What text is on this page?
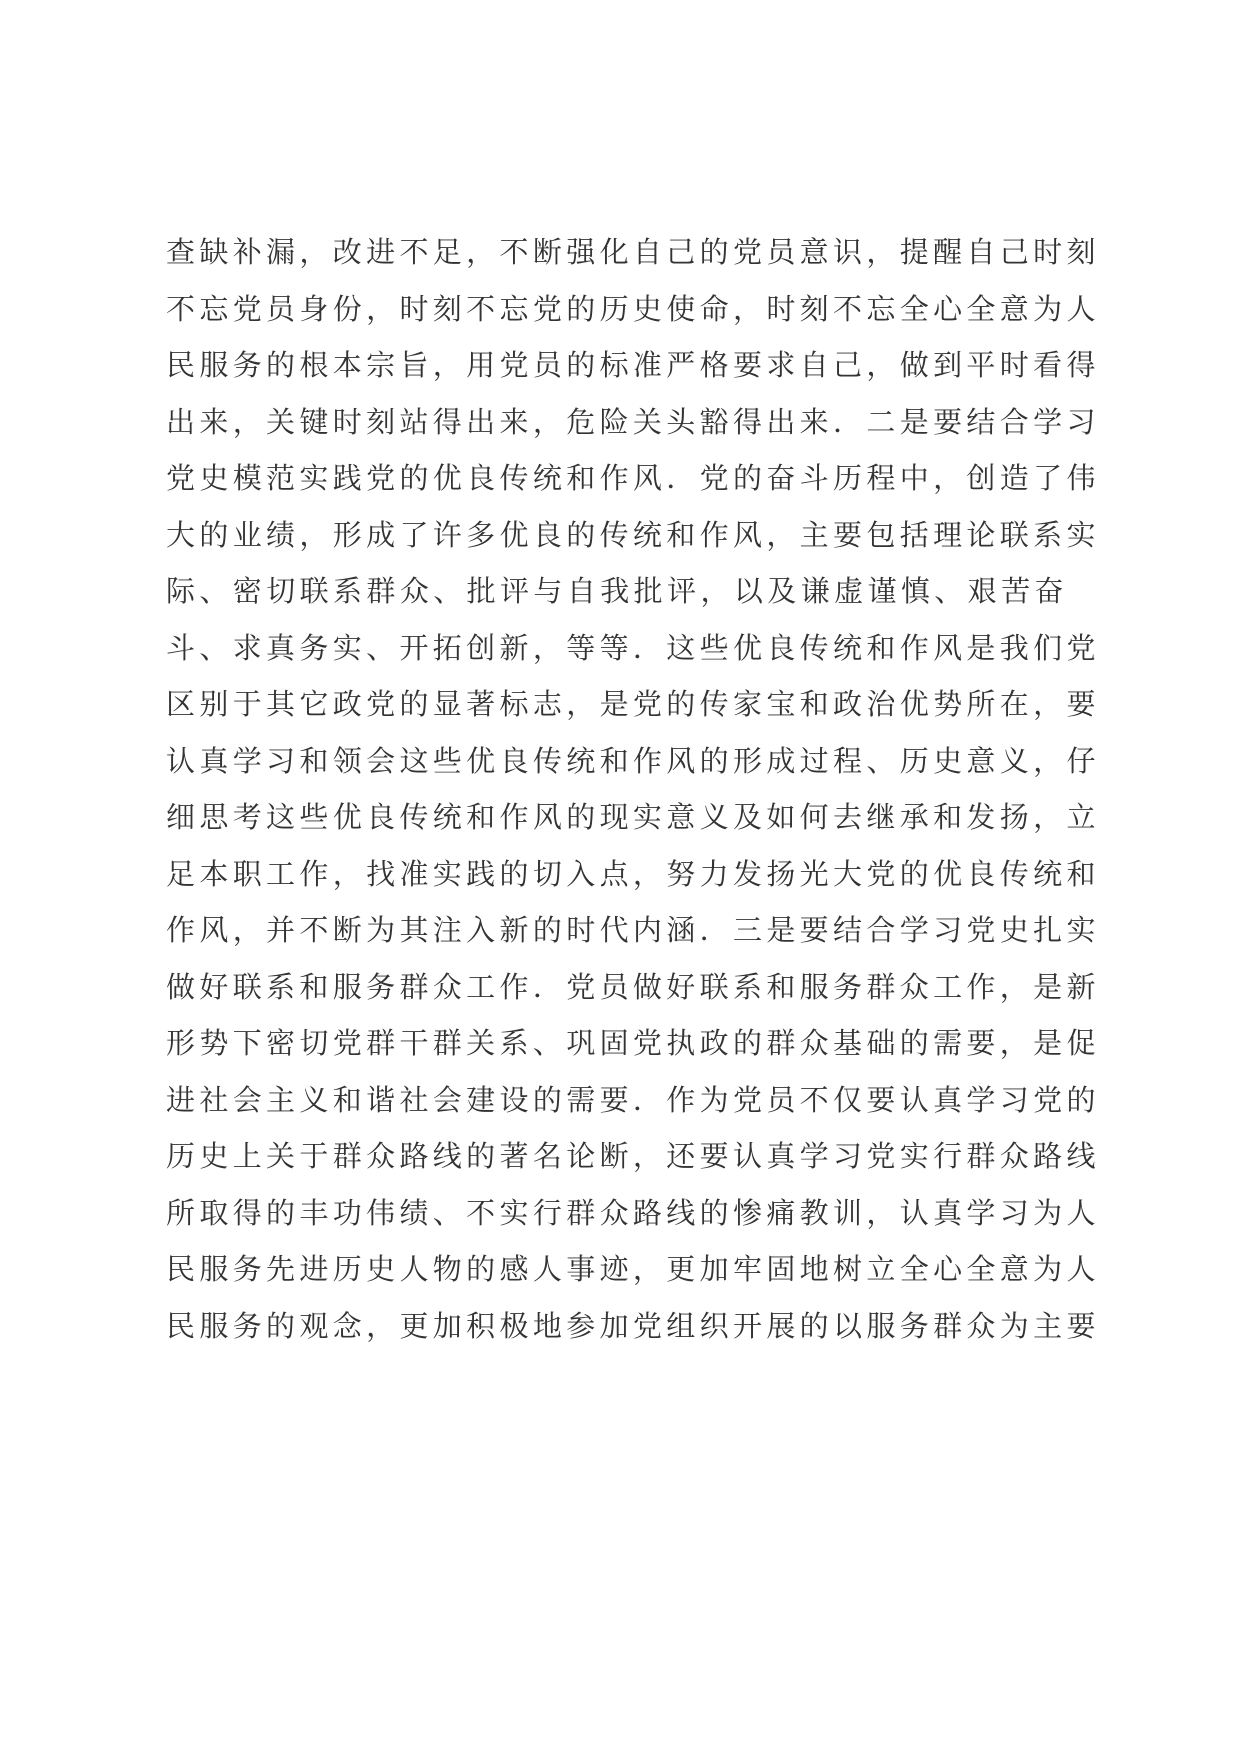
查缺补漏，改进不足，不断强化自己的党员意识，提醒自己时刻
不忘党员身份，时刻不忘党的历史使命，时刻不忘全心全意为人
民服务的根本宗旨，用党员的标准严格要求自己，做到平时看得
出来，关键时刻站得出来，危险关头豁得出来．二是要结合学习
党史模范实践党的优良传统和作风．党的奋斗历程中，创造了伟
大的业绩，形成了许多优良的传统和作风，主要包括理论联系实
际、密切联系群众、批评与自我批评，以及谦虚谨慎、艰苦奋
斗、求真务实、开拓创新，等等．这些优良传统和作风是我们党
区别于其它政党的显著标志，是党的传家宝和政治优势所在，要
认真学习和领会这些优良传统和作风的形成过程、历史意义，仔
细思考这些优良传统和作风的现实意义及如何去继承和发扬，立
足本职工作，找准实践的切入点，努力发扬光大党的优良传统和
作风，并不断为其注入新的时代内涵．三是要结合学习党史扎实
做好联系和服务群众工作．党员做好联系和服务群众工作，是新
形势下密切党群干群关系、巩固党执政的群众基础的需要，是促
进社会主义和谐社会建设的需要．作为党员不仅要认真学习党的
历史上关于群众路线的著名论断，还要认真学习党实行群众路线
所取得的丰功伟绩、不实行群众路线的惨痛教训，认真学习为人
民服务先进历史人物的感人事迹，更加牢固地树立全心全意为人
民服务的观念，更加积极地参加党组织开展的以服务群众为主要
